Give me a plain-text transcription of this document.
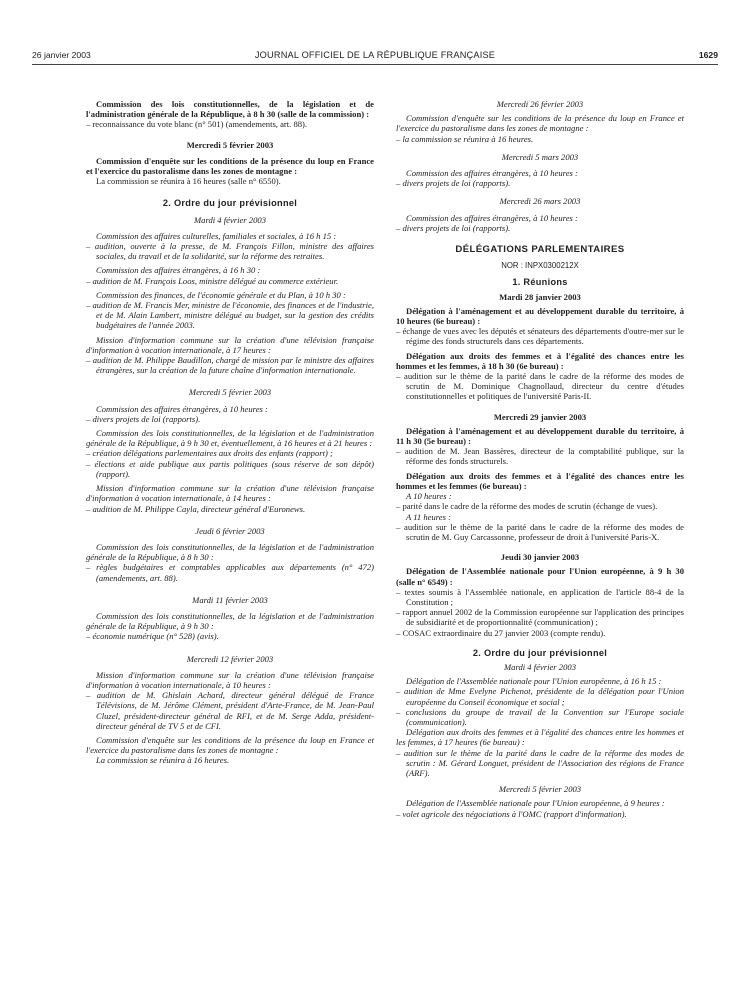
26 janvier 2003	JOURNAL OFFICIEL DE LA RÉPUBLIQUE FRANÇAISE	1629

Commission des lois constitutionnelles, de la législation et de l'administration générale de la République, à 8 h 30 (salle de la commission) :

– reconnaissance du vote blanc (n° 501) (amendements, art. 88).

Mercredi 5 février 2003

Commission d'enquête sur les conditions de la présence du loup en France et l'exercice du pastoralisme dans les zones de montagne :

La commission se réunira à 16 heures (salle n° 6550).

2. Ordre du jour prévisionnel

Mardi 4 février 2003

Commission des affaires culturelles, familiales et sociales, à 16 h 15 :

– audition, ouverte à la presse, de M. François Fillon, ministre des affaires sociales, du travail et de la solidarité, sur la réforme des retraites.

Commission des affaires étrangères, à 16 h 30 :

– audition de M. François Loos, ministre délégué au commerce extérieur.

Commission des finances, de l'économie générale et du Plan, à 10 h 30 :

– audition de M. Francis Mer, ministre de l'économie, des finances et de l'industrie, et de M. Alain Lambert, ministre délégué au budget, sur la gestion des crédits budgétaires de l'année 2003.

Mission d'information commune sur la création d'une télévision française d'information à vocation internationale, à 17 heures :

– audition de M. Philippe Baudillon, chargé de mission par le ministre des affaires étrangères, sur la création de la future chaîne d'information internationale.

Mercredi 5 février 2003

Commission des affaires étrangères, à 10 heures :

– divers projets de loi (rapports).

Commission des lois constitutionnelles, de la législation et de l'administration générale de la République, à 9 h 30 et, éventuellement, à 16 heures et à 21 heures :

– création délégations parlementaires aux droits des enfants (rapport) ;

– élections et aide publique aux partis politiques (sous réserve de son dépôt) (rapport).

Mission d'information commune sur la création d'une télévision française d'information à vocation internationale, à 14 heures :

– audition de M. Philippe Cayla, directeur général d'Euronews.

Jeudi 6 février 2003

Commission des lois constitutionnelles, de la législation et de l'administration générale de la République, à 8 h 30 :

– règles budgétaires et comptables applicables aux départements (n° 472) (amendements, art. 88).

Mardi 11 février 2003

Commission des lois constitutionnelles, de la législation et de l'administration générale de la République, à 9 h 30 :

– économie numérique (n° 528) (avis).

Mercredi 12 février 2003

Mission d'information commune sur la création d'une télévision française d'information à vocation internationale, à 10 heures :

– audition de M. Ghislain Achard, directeur général délégué de France Télévisions, de M. Jérôme Clément, président d'Arte-France, de M. Jean-Paul Cluzel, président-directeur général de RFI, et de M. Serge Adda, président-directeur général de TV 5 et de CFI.

Commission d'enquête sur les conditions de la présence du loup en France et l'exercice du pastoralisme dans les zones de montagne :

La commission se réunira à 16 heures.

Mercredi 26 février 2003

Commission d'enquête sur les conditions de la présence du loup en France et l'exercice du pastoralisme dans les zones de montagne :

– la commission se réunira à 16 heures.

Mercredi 5 mars 2003

Commission des affaires étrangères, à 10 heures :

– divers projets de loi (rapports).

Mercredi 26 mars 2003

Commission des affaires étrangères, à 10 heures :

– divers projets de loi (rapports).

DÉLÉGATIONS PARLEMENTAIRES

NOR : INPX0300212X

1. Réunions

Mardi 28 janvier 2003

Délégation à l'aménagement et au développement durable du territoire, à 10 heures (6e bureau) :

– échange de vues avec les députés et sénateurs des départements d'outre-mer sur le régime des fonds structurels dans ces départements.

Délégation aux droits des femmes et à l'égalité des chances entre les hommes et les femmes, à 18 h 30 (6e bureau) :

– audition sur le thème de la parité dans le cadre de la réforme des modes de scrutin de M. Dominique Chagnollaud, directeur du centre d'études constitutionnelles et politiques de l'université Paris-II.

Mercredi 29 janvier 2003

Délégation à l'aménagement et au développement durable du territoire, à 11 h 30 (5e bureau) :

– audition de M. Jean Bassères, directeur de la comptabilité publique, sur la réforme des fonds structurels.

Délégation aux droits des femmes et à l'égalité des chances entre les hommes et les femmes (6e bureau) :

A 10 heures :

– parité dans le cadre de la réforme des modes de scrutin (échange de vues).

A 11 heures :

– audition sur le thème de la parité dans le cadre de la réforme des modes de scrutin de M. Guy Carcassonne, professeur de droit à l'université Paris-X.

Jeudi 30 janvier 2003

Délégation de l'Assemblée nationale pour l'Union européenne, à 9 h 30 (salle n° 6549) :

– textes soumis à l'Assemblée nationale, en application de l'article 88-4 de la Constitution ;

– rapport annuel 2002 de la Commission européenne sur l'application des principes de subsidiarité et de proportionnalité (communication) ;

– COSAC extraordinaire du 27 janvier 2003 (compte rendu).

2. Ordre du jour prévisionnel

Mardi 4 février 2003

Délégation de l'Assemblée nationale pour l'Union européenne, à 16 h 15 :

– audition de Mme Evelyne Pichenot, présidente de la délégation pour l'Union européenne du Conseil économique et social ;

– conclusions du groupe de travail de la Convention sur l'Europe sociale (communication).

Délégation aux droits des femmes et à l'égalité des chances entre les hommes et les femmes, à 17 heures (6e bureau) :

– audition sur le thème de la parité dans le cadre de la réforme des modes de scrutin : M. Gérard Longuet, président de l'Association des régions de France (ARF).

Mercredi 5 février 2003

Délégation de l'Assemblée nationale pour l'Union européenne, à 9 heures :

– volet agricole des négociations à l'OMC (rapport d'information).
